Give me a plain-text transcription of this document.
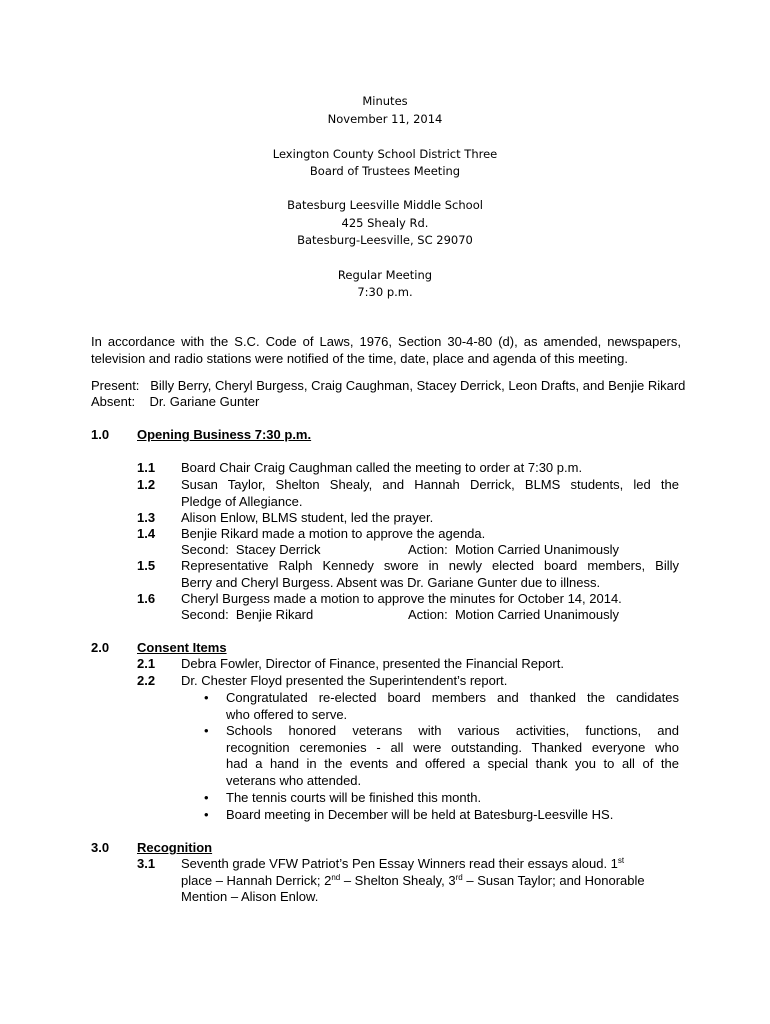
Minutes
November 11, 2014
Lexington County School District Three
Board of Trustees Meeting
Batesburg Leesville Middle School
425 Shealy Rd.
Batesburg-Leesville, SC 29070
Regular Meeting
7:30 p.m.
In accordance with the S.C. Code of Laws, 1976, Section 30-4-80 (d), as amended, newspapers,
television and radio stations were notified of the time, date, place and agenda of this meeting.
Present:   Billy Berry, Cheryl Burgess, Craig Caughman, Stacey Derrick, Leon Drafts, and Benjie Rikard
Absent:    Dr. Gariane Gunter
1.0 Opening Business 7:30 p.m.
1.1 Board Chair Craig Caughman called the meeting to order at 7:30 p.m.
1.2 Susan Taylor, Shelton Shealy, and Hannah Derrick, BLMS students, led the
Pledge of Allegiance.
1.3 Alison Enlow, BLMS student, led the prayer.
1.4 Benjie Rikard made a motion to approve the agenda.
Second:  Stacey Derrick	Action:  Motion Carried Unanimously
1.5 Representative Ralph Kennedy swore in newly elected board members, Billy
Berry and Cheryl Burgess. Absent was Dr. Gariane Gunter due to illness.
1.6 Cheryl Burgess made a motion to approve the minutes for October 14, 2014.
Second:  Benjie Rikard	Action:  Motion Carried Unanimously
2.0 Consent Items
2.1 Debra Fowler, Director of Finance, presented the Financial Report.
2.2 Dr. Chester Floyd presented the Superintendent’s report.
• Congratulated re-elected board members and thanked the candidates
who offered to serve.
• Schools honored veterans with various activities, functions, and
recognition ceremonies - all were outstanding. Thanked everyone who
had a hand in the events and offered a special thank you to all of the
veterans who attended.
• The tennis courts will be finished this month.
• Board meeting in December will be held at Batesburg-Leesville HS.
3.0 Recognition
3.1 Seventh grade VFW Patriot’s Pen Essay Winners read their essays aloud. 1st
place – Hannah Derrick; 2nd – Shelton Shealy, 3rd – Susan Taylor; and Honorable
Mention – Alison Enlow.
